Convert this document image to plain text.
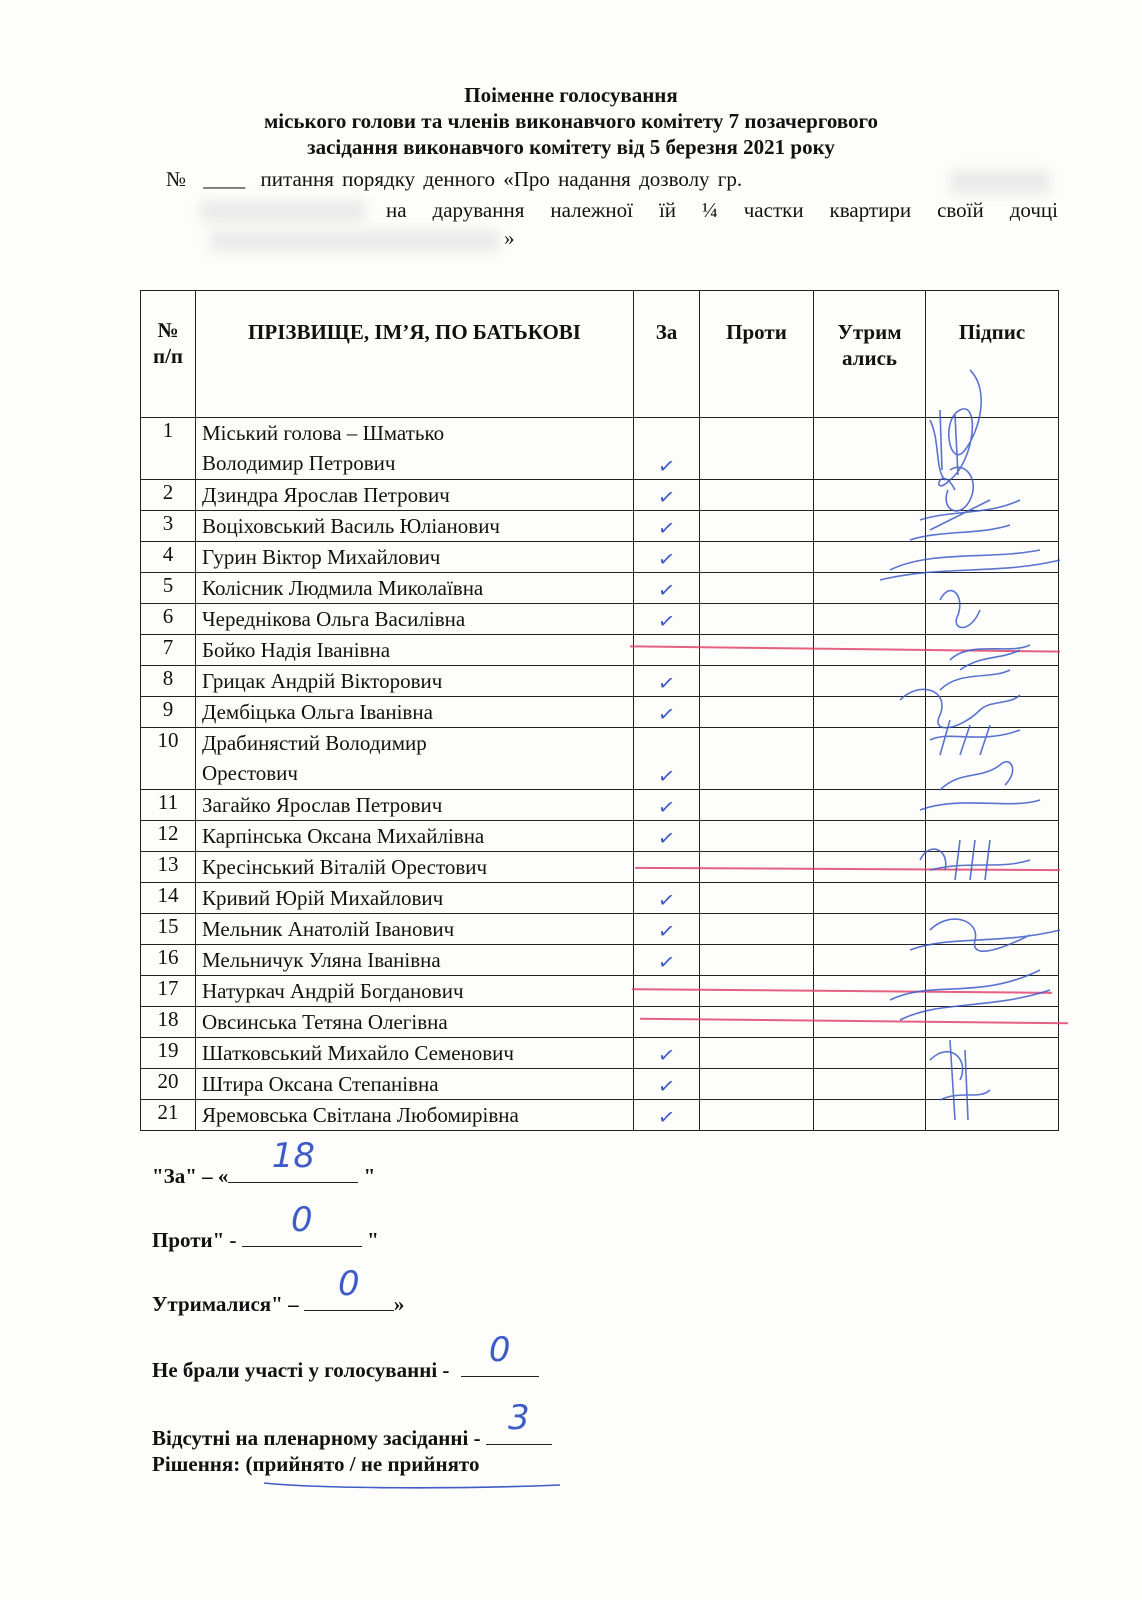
Поіменне голосування
міського голови та членів виконавчого комітету 7 позачергового
засідання виконавчого комітету від 5 березня 2021 року
№ ____ питання порядку денного «Про надання дозволу гр.
на дарування належної їй ¼ частки квартири своїй дочці
»
№ п/п	ПРІЗВИЩЕ, ІМ’Я, ПО БАТЬКОВІ	За	Проти	Утрим ались	Підпис
1	Міський голова – Шматько
Володимир Петрович	✓			

2	Дзиндра Ярослав Петрович	✓			

3	Воціховський Василь Юліанович	✓			

4	Гурин Віктор Михайлович	✓			

5	Колісник Людмила Миколаївна	✓			

6	Череднікова Ольга Василівна	✓			

7	Бойко Надія Іванівна				

8	Грицак Андрій Вікторович	✓			

9	Дембіцька Ольга Іванівна	✓			

10	Драбинястий Володимир
Орестович	✓			

11	Загайко Ярослав Петрович	✓			

12	Карпінська Оксана Михайлівна	✓			

13	Кресінський Віталій Орестович				

14	Кривий Юрій Михайлович	✓			

15	Мельник Анатолій Іванович	✓			

16	Мельничук Уляна Іванівна	✓			

17	Натуркач Андрій Богданович				

18	Овсинська Тетяна Олегівна				

19	Шатковський Михайло Семенович	✓			

20	Штира Оксана Степанівна	✓			

21	Яремовська Світлана Любомирівна	✓			

"За" – «	18	"
Проти" -	0	"
Утрималися" –	0	»
Не брали участі у голосуванні -	0
Відсутні на пленарному засіданні - 3
Рішення: (прийнято / не прийнято
